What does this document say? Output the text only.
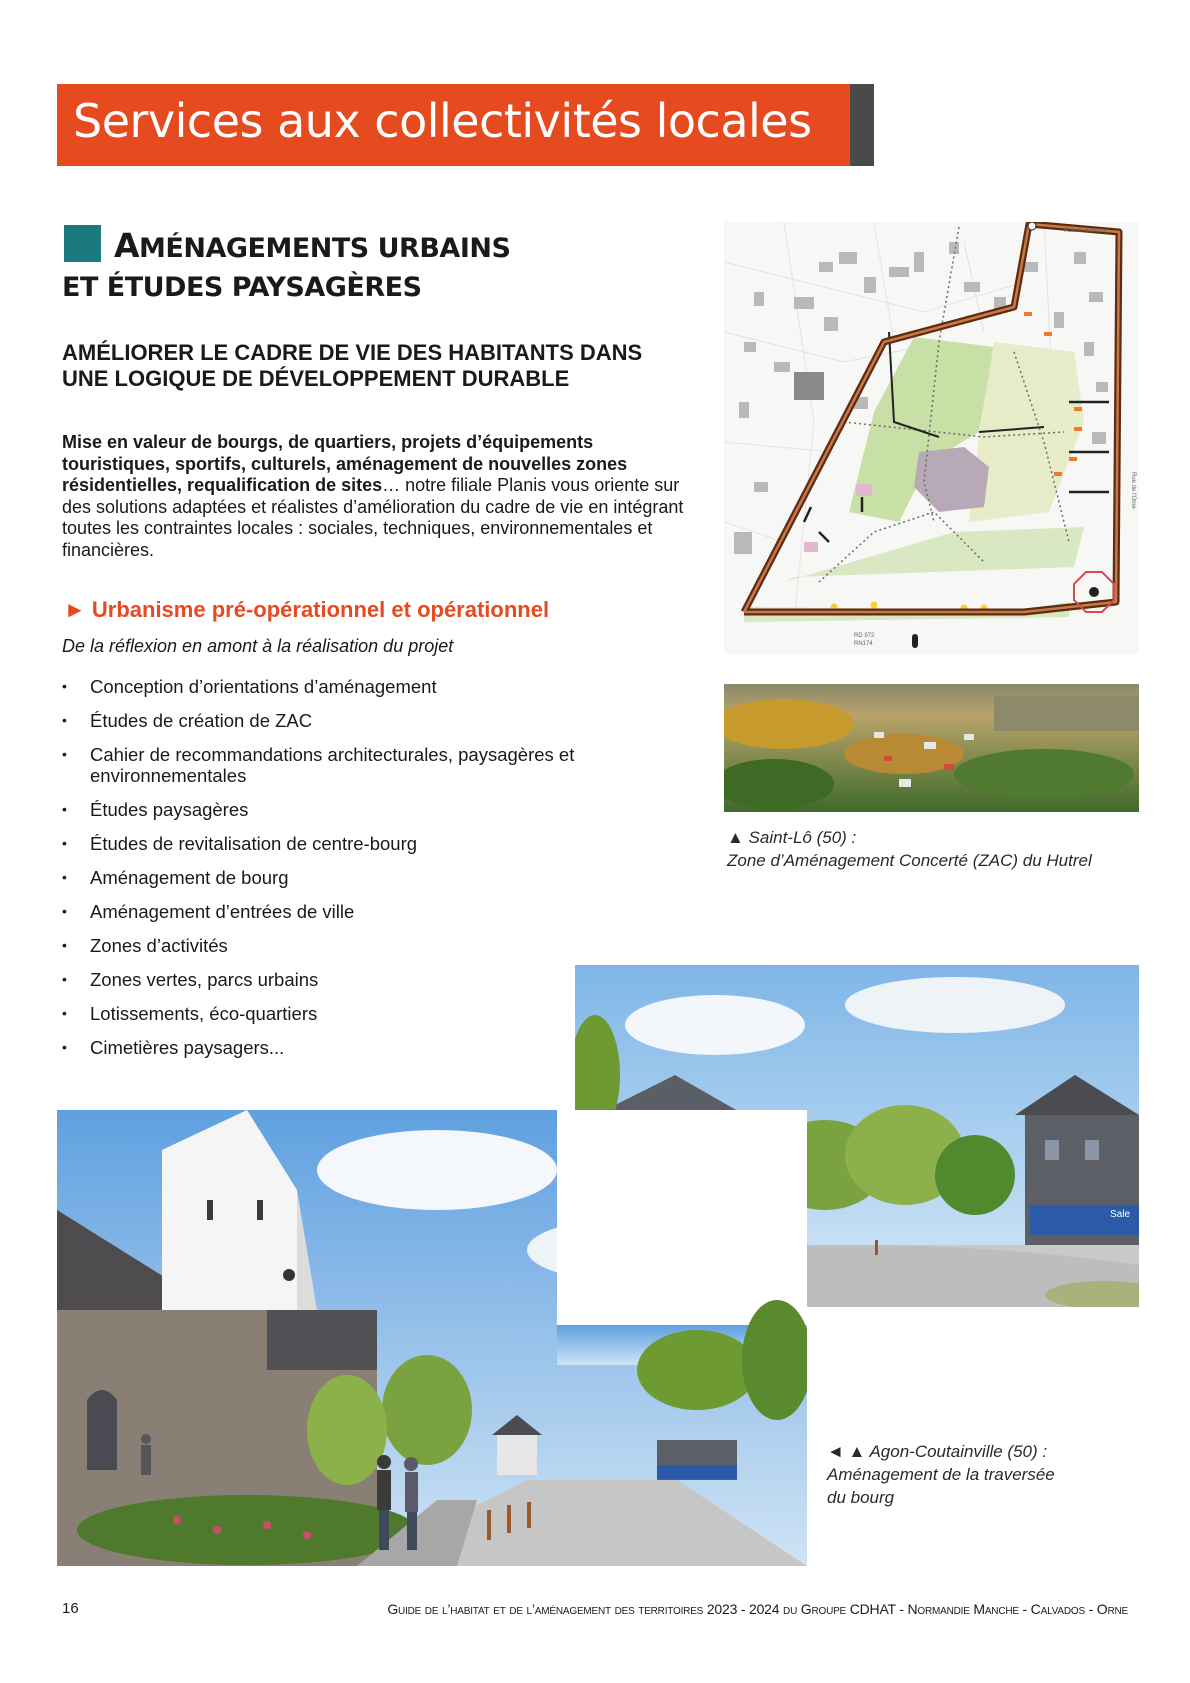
Services aux collectivités locales
AMÉNAGEMENTS URBAINS
ET ÉTUDES PAYSAGÈRES
AMÉLIORER LE CADRE DE VIE DES HABITANTS DANS UNE LOGIQUE DE DÉVELOPPEMENT DURABLE
Mise en valeur de bourgs, de quartiers, projets d’équipements touristiques, sportifs, culturels, aménagement de nouvelles zones résidentielles, requalification de sites… notre filiale Planis vous oriente sur des solutions adaptées et réalistes d’amélioration du cadre de vie en intégrant toutes les contraintes locales : sociales, techniques, environnementales et financières.
► Urbanisme pré-opérationnel et opérationnel
De la réflexion en amont à la réalisation du projet
• Conception d’orientations d’aménagement
• Études de création de ZAC
• Cahier de recommandations architecturales, paysagères et environnementales
• Études paysagères
• Études de revitalisation de centre-bourg
• Aménagement de bourg
• Aménagement d’entrées de ville
• Zones d’activités
• Zones vertes, parcs urbains
• Lotissements, éco-quartiers
• Cimetières paysagers...
Rue de Balleroy
Rue de l'Orne
RD 972
RN174
▲ Saint-Lô (50) :
Zone d’Aménagement Concerté (ZAC) du Hutrel
Sale
◄ ▲ Agon-Coutainville (50) :
Aménagement de la traversée
du bourg
16	Guide de l’habitat et de l’aménagement des territoires 2023 - 2024 du Groupe CDHAT - Normandie Manche - Calvados - Orne
